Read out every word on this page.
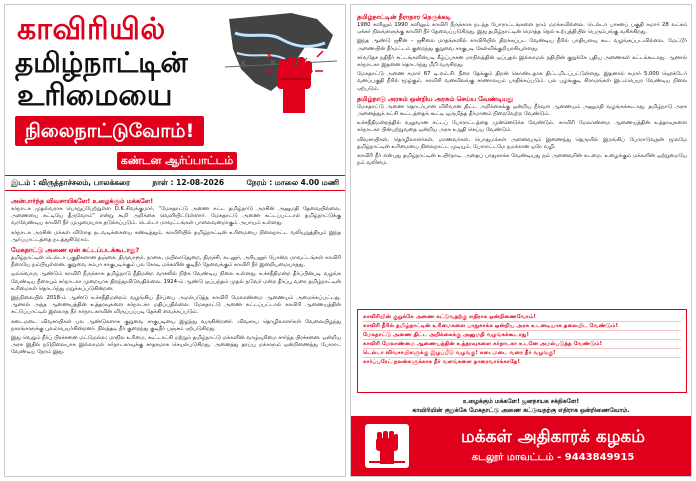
காவிரியில்
தமிழ்நாட்டின்
உரிமையை
நிலைநாட்டுவோம்!
கண்டன ஆர்ப்பாட்டம்
இடம் : விருத்தாச்சலம், பாலக்கரை	நாள் : 12-08-2026	நேரம் : மாலை 4.00 மணி
அன்பார்ந்த விவசாயிகளே! உழைக்கும் மக்களே!

கர்நாடக முதல்வராக பொறுப்பேற்றுள்ள D.K.சிவக்குமார், “மேகதாட்டு அணை கட்ட தமிழ்நாடு அரசின் அனுமதி தேவையில்லை, அணையை கட்டியே தீருவோம்” என்று கூறி அறிக்கை வெளியிட்டுள்ளார். மேகதாட்டு அணை கட்டப்பட்டால் தமிழ்நாட்டுக்கு வரவேண்டிய காவிரி நீர் முழுமையாக தடுக்கப்படும். டெல்டா மாவட்டங்கள் பாலைவனமாகும் அபாயம் உள்ளது.

கர்நாடக அரசின் மக்கள் விரோத நடவடிக்கையை கண்டித்தும், காவிரியில் தமிழ்நாட்டின் உரிமையை நிலைநாட்ட வலியுறுத்தியும் இந்த ஆர்ப்பாட்டத்தை நடத்துகிறோம்.

மேகதாட்டு அணை ஏன் கட்டப்படக்கூடாது?

தமிழ்நாட்டின் டெல்டா பகுதிகளான தஞ்சை, திருவாரூர், நாகை, மயிலாடுதுறை, திருச்சி, கடலூர், அரியலூர் போன்ற மாவட்டங்கள் காவிரி நீரையே நம்பியுள்ளன. குறுவை சம்பா சாகுபடிக்கும் பல கோடி மக்களின் குடிநீர் தேவைக்கும் காவிரி நீர் இன்றியமையாதது.

ஒவ்வொரு ஆண்டும் காவிரி நீருக்காக தமிழ்நாடு நீதிமன்ற வாசலில் நிற்க வேண்டிய நிலை உள்ளது. உச்சநீதிமன்ற தீர்ப்பின்படி வழங்க வேண்டிய நீரையும் கர்நாடகா முறையாக திறந்துவிடுவதில்லை. 1924-ம் ஆண்டு ஒப்பந்தம் முதல் நடுவர் மன்ற தீர்ப்பு வரை தமிழ்நாட்டின் உரிமைகள் தொடர்ந்து மறுக்கப்படுகின்றன.

இந்நிலையில் 2018-ம் ஆண்டு உச்சநீதிமன்றம் வழங்கிய தீர்ப்பை அமல்படுத்த காவிரி மேலாண்மை ஆணையம் அமைக்கப்பட்டது. ஆனால் அந்த ஆணையத்தின் உத்தரவுகளை கர்நாடகா மதிப்பதில்லை. மேகதாட்டு அணை கட்டப்பட்டால் காவிரி ஆணையத்தின் கட்டுப்பாட்டில் இல்லாத நீர் கர்நாடகாவின் விருப்பப்படி தேக்கி வைக்கப்படும்.

கடைமடை விவசாயிகள் பல ஆண்டுகளாக குறுவை சாகுபடியை இழந்து வருகின்றனர். விவசாய தொழிலாளர்கள் வேலையிழந்து நகரங்களுக்கு புலம்பெயர்கின்றனர். நிலத்தடி நீர் குறைந்து குடிநீர் பஞ்சம் ஏற்படுகிறது.

இது வெறும் நீர்ப் பிரச்சனை மட்டுமல்ல; மாநில உரிமை, கூட்டாட்சி மற்றும் தமிழ்நாட்டு மக்களின் வாழ்வுரிமை சார்ந்த பிரச்சனை. ஒன்றிய அரசு இதில் நடுநிலையாக இல்லாமல் கர்நாடகாவுக்கு சாதகமாக செயல்படுகிறது. அனைத்து தரப்பு மக்களும் ஒன்றிணைந்து போராட வேண்டிய நேரம் இது.

தமிழ்நாட்டின் நீராதார நெருக்கடி

1980 களிலும் 1990 களிலும் காவிரி நீருக்காக நடந்த போராட்டங்களை நாம் மறக்கவில்லை. டெல்டா பாசனப் பகுதி சுமார் 28 லட்சம் ஏக்கர் நிலங்களுக்கு காவிரி நீர் தேவைப்படுகிறது. இது தமிழ்நாட்டின் மொத்த நெல் உற்பத்தியில் பெரும்பங்கு வகிக்கிறது.

இந்த ஆண்டு ஜூன் – ஜூலை மாதங்களில் காவிரியில் திறக்கப்பட வேண்டிய நீரில் பாதியளவு கூட வழங்கப்படவில்லை. மேட்டூர் அணையின் நீர்மட்டம் குறைந்து குறுவை சாகுபடி கேள்விக்குறியாகியுள்ளது.

சர்வதேச நதிநீர் சட்டங்களின்படி கீழ்ப்பாசன மாநிலத்தின் ஒப்புதல் இல்லாமல் நதியின் குறுக்கே புதிய அணைகள் கட்டக்கூடாது. ஆனால் கர்நாடகா இதனை தொடர்ந்து மீறி வருகிறது.

மேகதாட்டு அணை சுமார் 67 டி.எம்.சி. நீரை தேக்கும் திறன் கொண்டதாக திட்டமிடப்பட்டுள்ளது. இதனால் சுமார் 5,000 ஹெக்டேர் வனப்பகுதி நீரில் மூழ்கும். காவிரி வனவிலங்கு சரணாலயம் பாதிக்கப்படும். பல பழங்குடி கிராமங்கள் இடம்பெயர வேண்டிய நிலை ஏற்படும்.

தமிழ்நாடு அரசும் ஒன்றிய அரசும் செய்ய வேண்டியது

மேகதாட்டு அணை தொடர்பான விரிவான திட்ட அறிக்கைக்கு ஒன்றிய நீர்வள ஆணையம் அனுமதி வழங்கக்கூடாது. தமிழ்நாடு அரசு அனைத்துக் கட்சி கூட்டத்தைக் கூட்டி ஒருமித்த தீர்மானம் நிறைவேற்ற வேண்டும்.

உச்சநீதிமன்றத்தில் வலுவான சட்டப் போராட்டத்தை முன்னெடுக்க வேண்டும். காவிரி மேலாண்மை ஆணையத்தின் உத்தரவுகளை கர்நாடகா பின்பற்றுவதை ஒன்றிய அரசு உறுதி செய்ய வேண்டும்.

விவசாயிகள், தொழிலாளர்கள், மாணவர்கள், பொதுமக்கள் அனைவரும் இணைந்து தெருவில் இறங்கிப் போராடுவதன் மூலமே தமிழ்நாட்டின் உரிமையை நிலைநாட்ட முடியும். போராட்டமே நமக்கான ஒரே வழி.

காவிரி நீர் என்பது தமிழ்நாட்டின் உயிர்நாடி. அதைப் பாதுகாக்க வேண்டியது நம் அனைவரின் கடமை. உழைக்கும் மக்களின் ஒற்றுமையே நம் வலிமை.

காவிரியின் குறுக்கே அணை கட்டுவதற்கு எதிராக ஒன்றிணைவோம்!
காவிரி நீரில் தமிழ்நாட்டின் உரிமைகளை பாதுகாக்க ஒன்றிய அரசு உடனடியாக தலையிட வேண்டும்!
மேகதாட்டு அணை திட்ட அறிக்கைக்கு அனுமதி வழங்கக்கூடாது!
காவிரி மேலாண்மை ஆணையத்தின் உத்தரவுகளை கர்நாடகா உடனே அமல்படுத்த வேண்டும்!
டெல்டா விவசாயிகளுக்கு இழப்பீடு வழங்கு! கடைமடை வரை நீர் வழங்கு!
கார்ப்பரேட் நலன்களுக்காக நீர் வளங்களை தாரைவார்க்காதே!
உழைக்கும் மக்களே! ஜனநாயக சக்திகளே!
காவிரியின் குறுக்கே மேகதாட்டு அணை கட்டுவதற்கு எதிராக ஒன்றிணைவோம்.
மக்கள் அதிகாரக் கழகம்
கடலூர் மாவட்டம் - 9443849915
